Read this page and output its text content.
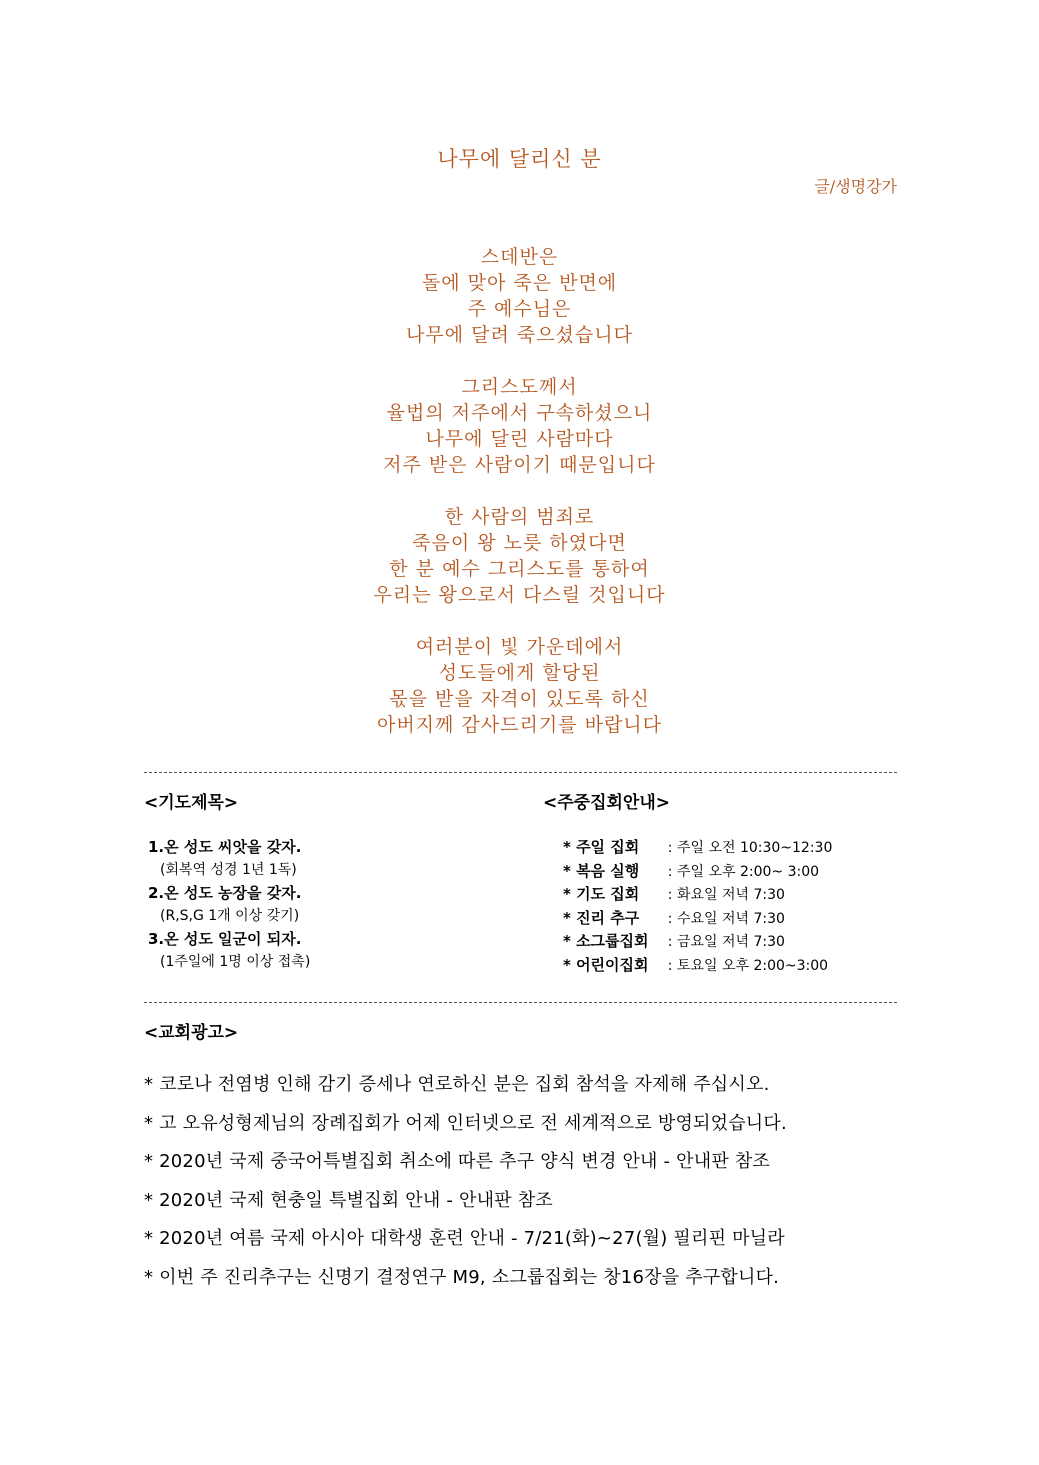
나무에 달리신 분
글/생명강가
스데반은
돌에 맞아 죽은 반면에
주 예수님은
나무에 달려 죽으셨습니다
그리스도께서
율법의 저주에서 구속하셨으니
나무에 달린 사람마다
저주 받은 사람이기 때문입니다
한 사람의 범죄로
죽음이 왕 노릇 하였다면
한 분 예수 그리스도를 통하여
우리는 왕으로서 다스릴 것입니다
여러분이 빛 가운데에서
성도들에게 할당된
몫을 받을 자격이 있도록 하신
아버지께 감사드리기를 바랍니다
<기도제목>	<주중집회안내>
1.온 성도 씨앗을 갖자.
(회복역 성경 1년 1독)
2.온 성도 농장을 갖자.
(R,S,G 1개 이상 갖기)
3.온 성도 일군이 되자.
(1주일에 1명 이상 접촉)
* 주일 집회 : 주일 오전 10:30~12:30
* 복음 실행 : 주일 오후 2:00~ 3:00
* 기도 집회 : 화요일 저녁 7:30
* 진리 추구 : 수요일 저녁 7:30
* 소그룹집회 : 금요일 저녁 7:30
* 어린이집회 : 토요일 오후 2:00~3:00
<교회광고>
* 코로나 전염병 인해 감기 증세나 연로하신 분은 집회 참석을 자제해 주십시오.
* 고 오유성형제님의 장례집회가 어제 인터넷으로 전 세계적으로 방영되었습니다.
* 2020년 국제 중국어특별집회 취소에 따른 추구 양식 변경 안내 - 안내판 참조
* 2020년 국제 현충일 특별집회 안내 - 안내판 참조
* 2020년 여름 국제 아시아 대학생 훈련 안내 - 7/21(화)~27(월) 필리핀 마닐라
* 이번 주 진리추구는 신명기 결정연구 M9, 소그룹집회는 창16장을 추구합니다.
